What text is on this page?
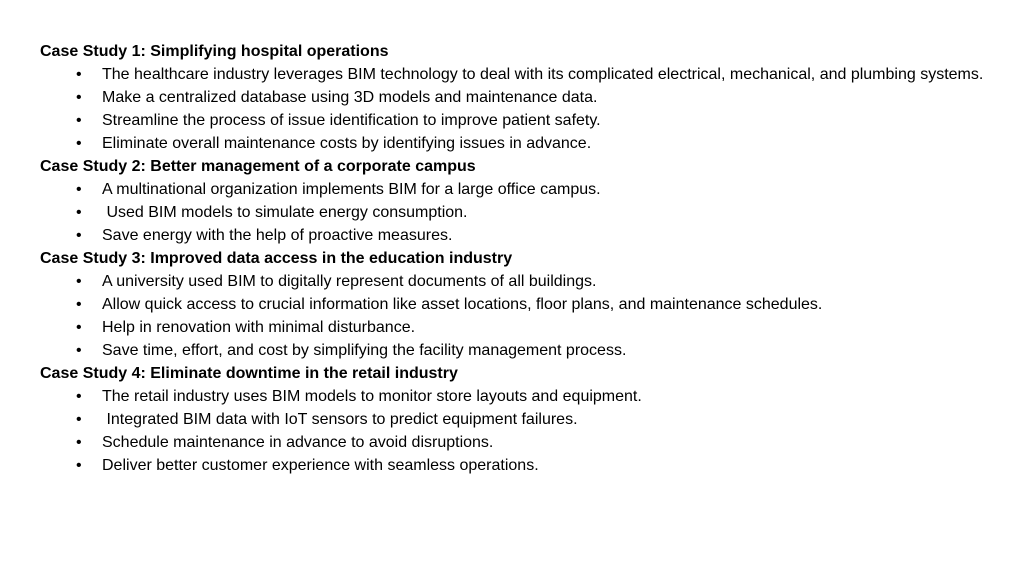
Case Study 1: Simplifying hospital operations

• The healthcare industry leverages BIM technology to deal with its complicated electrical, mechanical, and plumbing systems.
• Make a centralized database using 3D models and maintenance data.
• Streamline the process of issue identification to improve patient safety.
• Eliminate overall maintenance costs by identifying issues in advance.

Case Study 2: Better management of a corporate campus

• A multinational organization implements BIM for a large office campus.
• Used BIM models to simulate energy consumption.
• Save energy with the help of proactive measures.

Case Study 3: Improved data access in the education industry

• A university used BIM to digitally represent documents of all buildings.
• Allow quick access to crucial information like asset locations, floor plans, and maintenance schedules.
• Help in renovation with minimal disturbance.
• Save time, effort, and cost by simplifying the facility management process.

Case Study 4: Eliminate downtime in the retail industry

• The retail industry uses BIM models to monitor store layouts and equipment.
• Integrated BIM data with IoT sensors to predict equipment failures.
• Schedule maintenance in advance to avoid disruptions.
• Deliver better customer experience with seamless operations.
